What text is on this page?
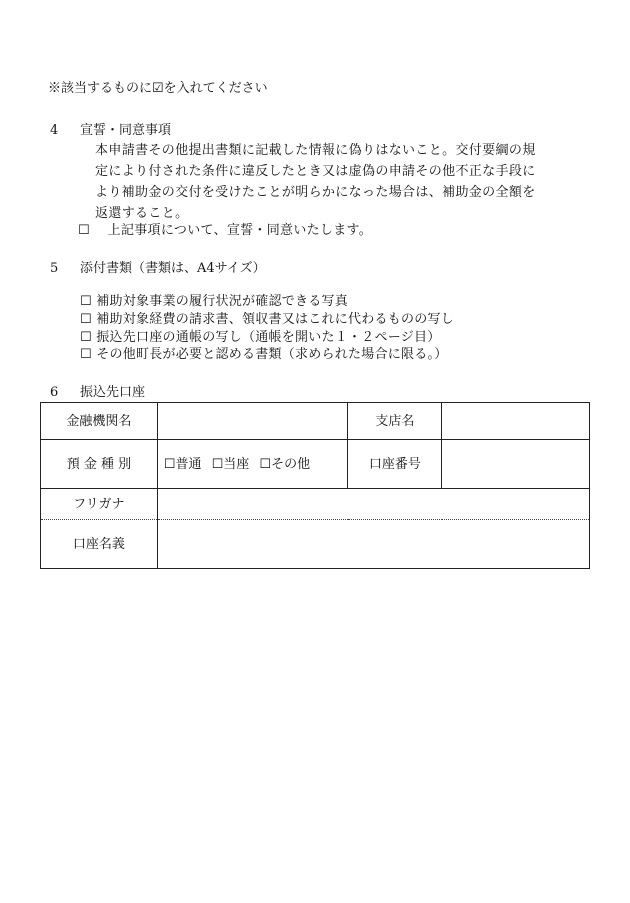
※該当するものに☑を入れてください
4 宣誓・同意事項
本申請書その他提出書類に記載した情報に偽りはないこと。交付要綱の規
定により付された条件に違反したとき又は虚偽の申請その他不正な手段に
より補助金の交付を受けたことが明らかになった場合は、補助金の全額を
返還すること。
☐ 上記事項について、宣誓・同意いたします。
5 添付書類（書類は、A4サイズ）
☐ 補助対象事業の履行状況が確認できる写真
☐ 補助対象経費の請求書、領収書又はこれに代わるものの写し
☐ 振込先口座の通帳の写し（通帳を開いた１・２ページ目）
☐ その他町長が必要と認める書類（求められた場合に限る。）
6 振込先口座
金融機関名		支店名	
預 金 種 別	☐普通 ☐当座 ☐その他	口座番号	
フリガナ			
口座名義			
